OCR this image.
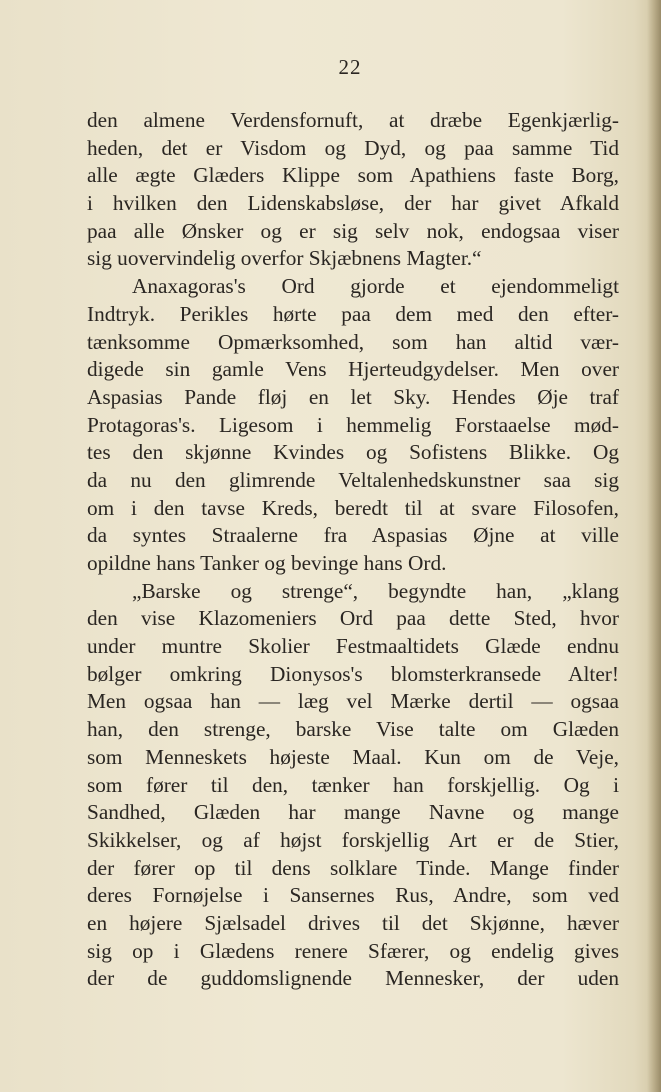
22
den almene Verdensfornuft, at dræbe Egenkjærlig-
heden, det er Visdom og Dyd, og paa samme Tid
alle ægte Glæders Klippe som Apathiens faste Borg,
i hvilken den Lidenskabsløse, der har givet Afkald
paa alle Ønsker og er sig selv nok, endogsaa viser
sig uovervindelig overfor Skjæbnens Magter.“
Anaxagoras's Ord gjorde et ejendommeligt
Indtryk. Perikles hørte paa dem med den efter-
tænksomme Opmærksomhed, som han altid vær-
digede sin gamle Vens Hjerteudgydelser. Men over
Aspasias Pande fløj en let Sky. Hendes Øje traf
Protagoras's. Ligesom i hemmelig Forstaaelse mød-
tes den skjønne Kvindes og Sofistens Blikke. Og
da nu den glimrende Veltalenhedskunstner saa sig
om i den tavse Kreds, beredt til at svare Filosofen,
da syntes Straalerne fra Aspasias Øjne at ville
opildne hans Tanker og bevinge hans Ord.
„Barske og strenge“, begyndte han, „klang
den vise Klazomeniers Ord paa dette Sted, hvor
under muntre Skolier Festmaaltidets Glæde endnu
bølger omkring Dionysos's blomsterkransede Alter!
Men ogsaa han — læg vel Mærke dertil — ogsaa
han, den strenge, barske Vise talte om Glæden
som Menneskets højeste Maal. Kun om de Veje,
som fører til den, tænker han forskjellig. Og i
Sandhed, Glæden har mange Navne og mange
Skikkelser, og af højst forskjellig Art er de Stier,
der fører op til dens solklare Tinde. Mange finder
deres Fornøjelse i Sansernes Rus, Andre, som ved
en højere Sjælsadel drives til det Skjønne, hæver
sig op i Glædens renere Sfærer, og endelig gives
der de guddomslignende Mennesker, der uden
